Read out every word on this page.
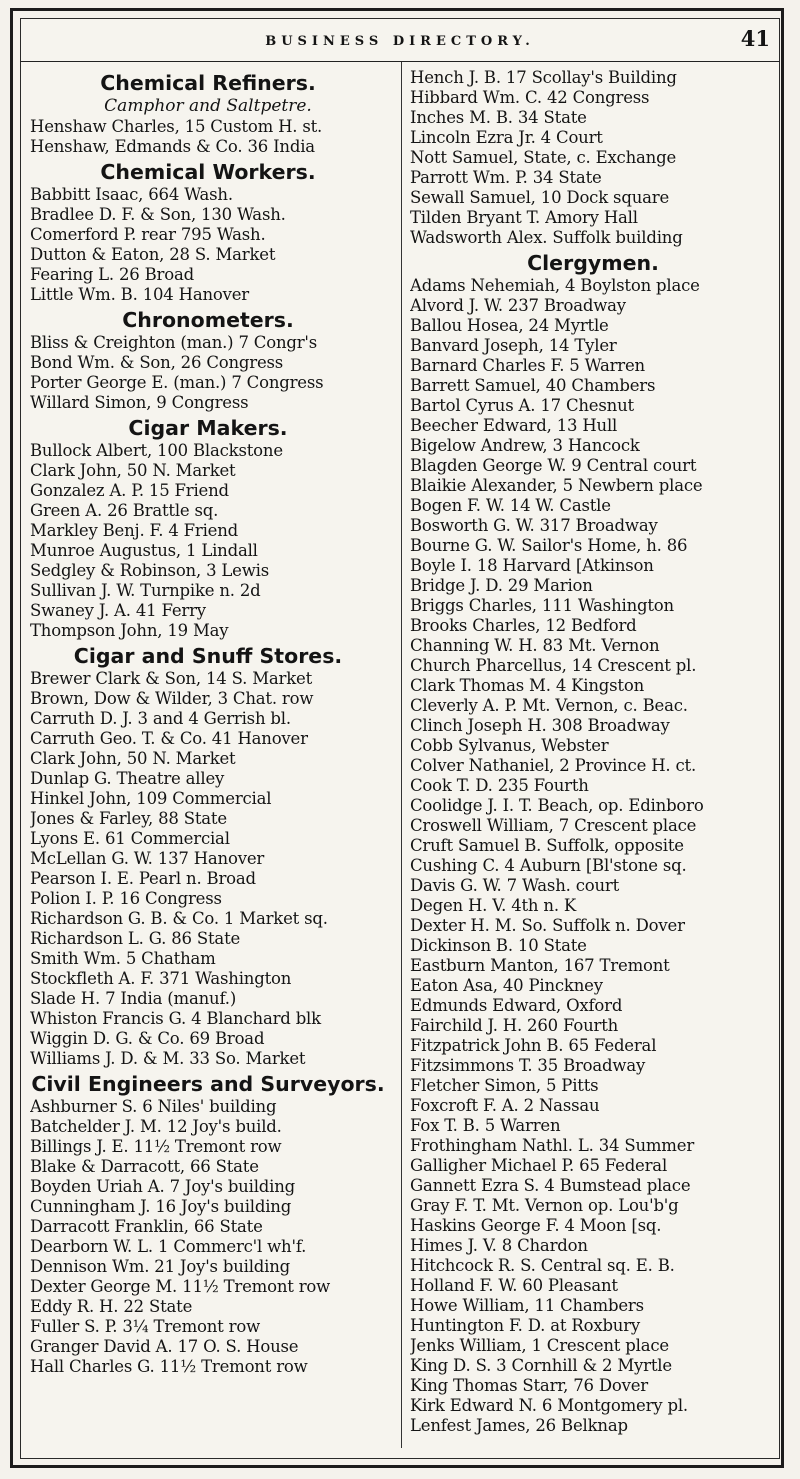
BUSINESS DIRECTORY.	41
Chemical Refiners.
Camphor and Saltpetre.
Henshaw Charles, 15 Custom H. st.
Henshaw, Edmands & Co. 36 India
Chemical Workers.
Babbitt Isaac, 664 Wash.
Bradlee D. F. & Son, 130 Wash.
Comerford P. rear 795 Wash.
Dutton & Eaton, 28 S. Market
Fearing L. 26 Broad
Little Wm. B. 104 Hanover
Chronometers.
Bliss & Creighton (man.) 7 Congr's
Bond Wm. & Son, 26 Congress
Porter George E. (man.) 7 Congress
Willard Simon, 9 Congress
Cigar Makers.
Bullock Albert, 100 Blackstone
Clark John, 50 N. Market
Gonzalez A. P. 15 Friend
Green A. 26 Brattle sq.
Markley Benj. F. 4 Friend
Munroe Augustus, 1 Lindall
Sedgley & Robinson, 3 Lewis
Sullivan J. W. Turnpike n. 2d
Swaney J. A. 41 Ferry
Thompson John, 19 May
Cigar and Snuff Stores.
Brewer Clark & Son, 14 S. Market
Brown, Dow & Wilder, 3 Chat. row
Carruth D. J. 3 and 4 Gerrish bl.
Carruth Geo. T. & Co. 41 Hanover
Clark John, 50 N. Market
Dunlap G. Theatre alley
Hinkel John, 109 Commercial
Jones & Farley, 88 State
Lyons E. 61 Commercial
McLellan G. W. 137 Hanover
Pearson I. E. Pearl n. Broad
Polion I. P. 16 Congress
Richardson G. B. & Co. 1 Market sq.
Richardson L. G. 86 State
Smith Wm. 5 Chatham
Stockfleth A. F. 371 Washington
Slade H. 7 India (manuf.)
Whiston Francis G. 4 Blanchard blk
Wiggin D. G. & Co. 69 Broad
Williams J. D. & M. 33 So. Market
Civil Engineers and Surveyors.
Ashburner S. 6 Niles' building
Batchelder J. M. 12 Joy's build.
Billings J. E. 11½ Tremont row
Blake & Darracott, 66 State
Boyden Uriah A. 7 Joy's building
Cunningham J. 16 Joy's building
Darracott Franklin, 66 State
Dearborn W. L. 1 Commerc'l wh'f.
Dennison Wm. 21 Joy's building
Dexter George M. 11½ Tremont row
Eddy R. H. 22 State
Fuller S. P. 3¼ Tremont row
Granger David A. 17 O. S. House
Hall Charles G. 11½ Tremont row
Hench J. B. 17 Scollay's Building
Hibbard Wm. C. 42 Congress
Inches M. B. 34 State
Lincoln Ezra Jr. 4 Court
Nott Samuel, State, c. Exchange
Parrott Wm. P. 34 State
Sewall Samuel, 10 Dock square
Tilden Bryant T. Amory Hall
Wadsworth Alex. Suffolk building
Clergymen.
Adams Nehemiah, 4 Boylston place
Alvord J. W. 237 Broadway
Ballou Hosea, 24 Myrtle
Banvard Joseph, 14 Tyler
Barnard Charles F. 5 Warren
Barrett Samuel, 40 Chambers
Bartol Cyrus A. 17 Chesnut
Beecher Edward, 13 Hull
Bigelow Andrew, 3 Hancock
Blagden George W. 9 Central court
Blaikie Alexander, 5 Newbern place
Bogen F. W. 14 W. Castle
Bosworth G. W. 317 Broadway
Bourne G. W. Sailor's Home, h. 86
Boyle I. 18 Harvard [Atkinson
Bridge J. D. 29 Marion
Briggs Charles, 111 Washington
Brooks Charles, 12 Bedford
Channing W. H. 83 Mt. Vernon
Church Pharcellus, 14 Crescent pl.
Clark Thomas M. 4 Kingston
Cleverly A. P. Mt. Vernon, c. Beac.
Clinch Joseph H. 308 Broadway
Cobb Sylvanus, Webster
Colver Nathaniel, 2 Province H. ct.
Cook T. D. 235 Fourth
Coolidge J. I. T. Beach, op. Edinboro
Croswell William, 7 Crescent place
Cruft Samuel B. Suffolk, opposite
Cushing C. 4 Auburn [Bl'stone sq.
Davis G. W. 7 Wash. court
Degen H. V. 4th n. K
Dexter H. M. So. Suffolk n. Dover
Dickinson B. 10 State
Eastburn Manton, 167 Tremont
Eaton Asa, 40 Pinckney
Edmunds Edward, Oxford
Fairchild J. H. 260 Fourth
Fitzpatrick John B. 65 Federal
Fitzsimmons T. 35 Broadway
Fletcher Simon, 5 Pitts
Foxcroft F. A. 2 Nassau
Fox T. B. 5 Warren
Frothingham Nathl. L. 34 Summer
Galligher Michael P. 65 Federal
Gannett Ezra S. 4 Bumstead place
Gray F. T. Mt. Vernon op. Lou'b'g
Haskins George F. 4 Moon [sq.
Himes J. V. 8 Chardon
Hitchcock R. S. Central sq. E. B.
Holland F. W. 60 Pleasant
Howe William, 11 Chambers
Huntington F. D. at Roxbury
Jenks William, 1 Crescent place
King D. S. 3 Cornhill & 2 Myrtle
King Thomas Starr, 76 Dover
Kirk Edward N. 6 Montgomery pl.
Lenfest James, 26 Belknap
